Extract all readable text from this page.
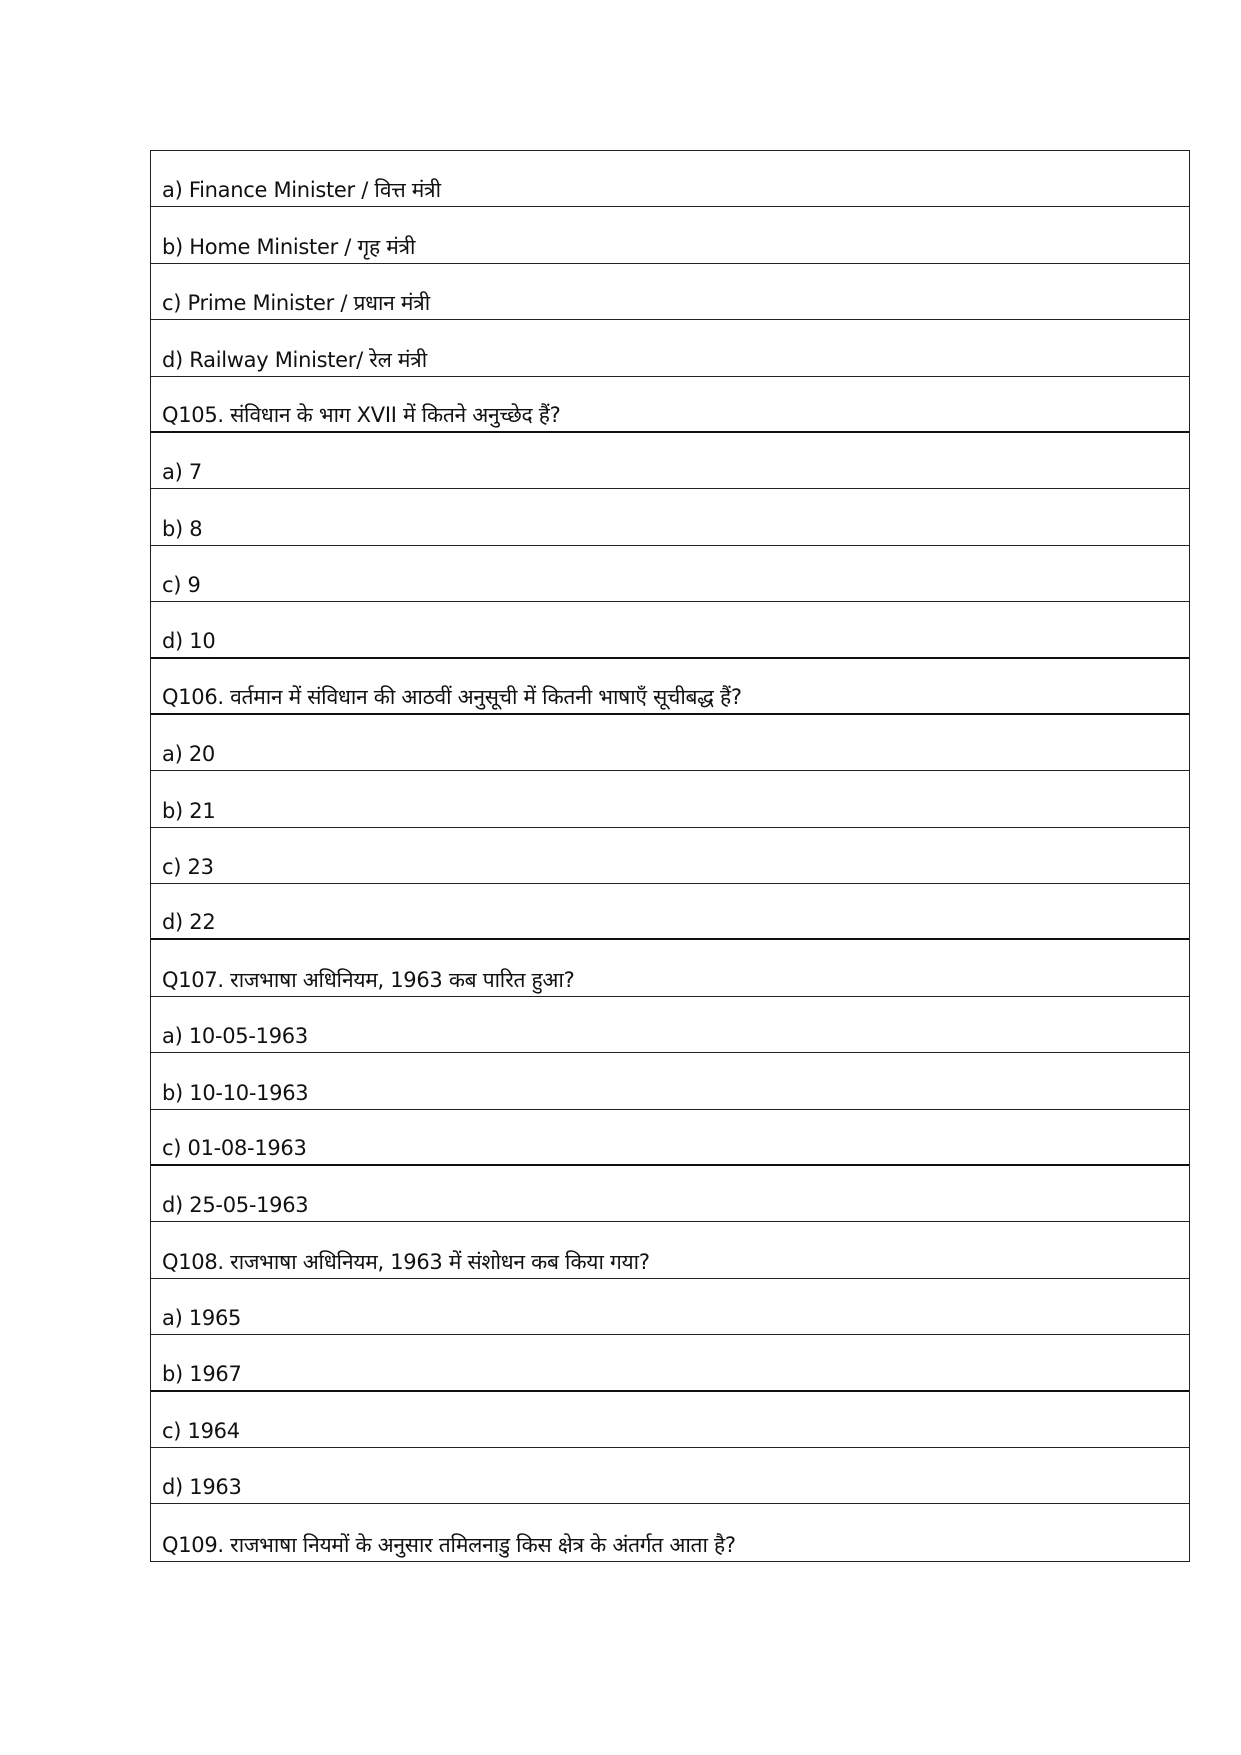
a) Finance Minister / वित्त मंत्री
b) Home Minister / गृह मंत्री
c) Prime Minister / प्रधान मंत्री
d) Railway Minister/ रेल मंत्री
Q105. संविधान के भाग XVII में कितने अनुच्छेद हैं?
a) 7
b) 8
c) 9
d) 10
Q106. वर्तमान में संविधान की आठवीं अनुसूची में कितनी भाषाएँ सूचीबद्ध हैं?
a) 20
b) 21
c) 23
d) 22
Q107. राजभाषा अधिनियम, 1963 कब पारित हुआ?
a) 10-05-1963
b) 10-10-1963
c) 01-08-1963
d) 25-05-1963
Q108. राजभाषा अधिनियम, 1963 में संशोधन कब किया गया?
a) 1965
b) 1967
c) 1964
d) 1963
Q109. राजभाषा नियमों के अनुसार तमिलनाडु किस क्षेत्र के अंतर्गत आता है?
